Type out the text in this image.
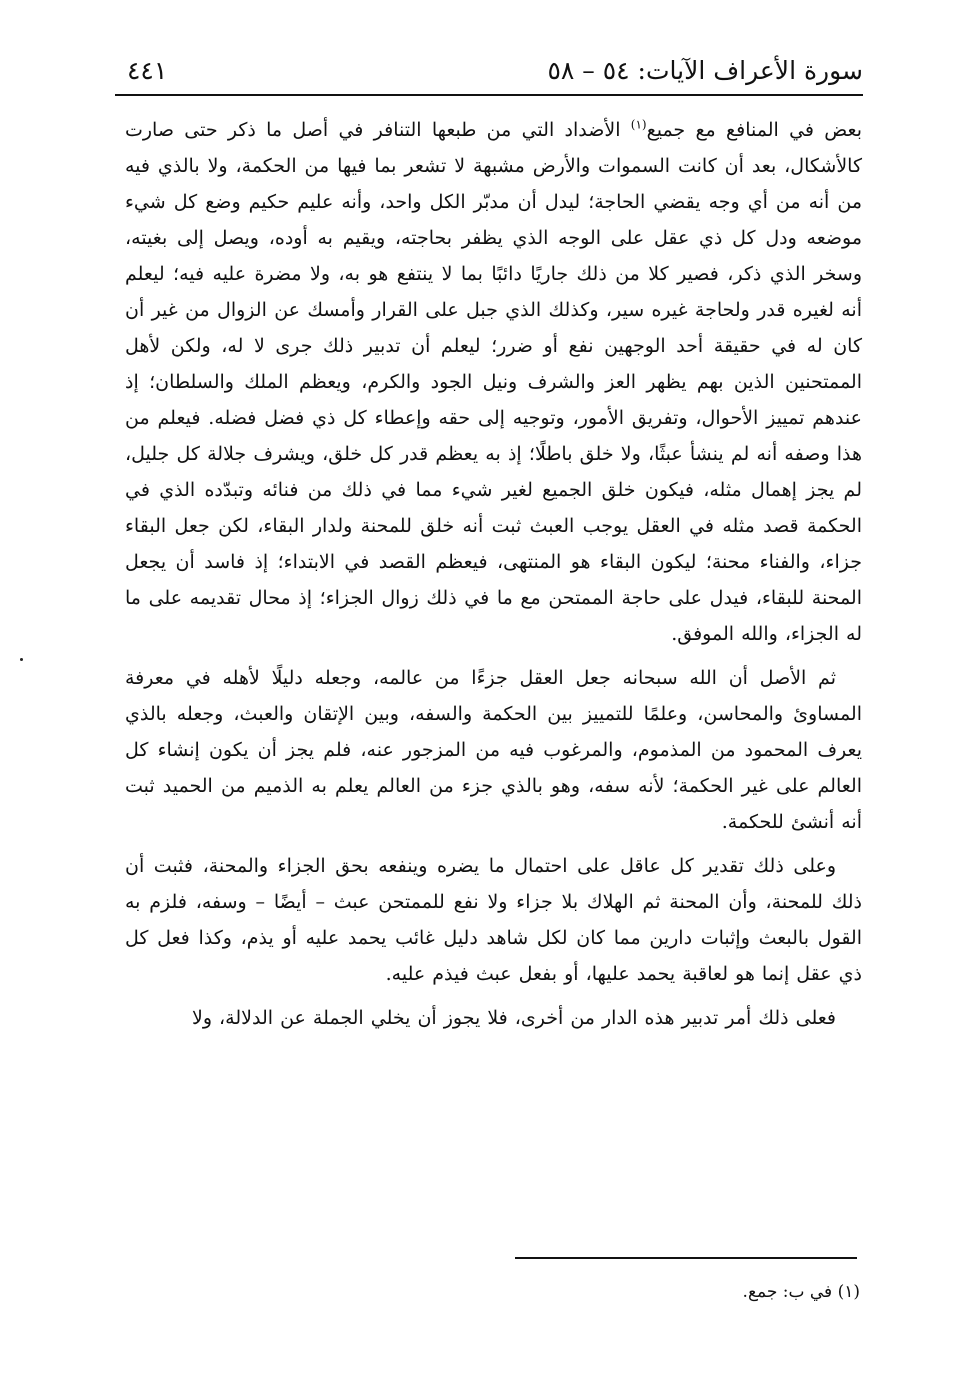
سورة الأعراف الآيات: ٥٤ – ٥٨
٤٤١

بعض في المنافع مع جميع$^{(١)}$ الأضداد التي من طبعها التنافر في أصل ما ذكر حتى صارت كالأشكال، بعد أن كانت السموات والأرض مشبهة لا تشعر بما فيها من الحكمة، ولا بالذي فيه من أنه من أي وجه يقضي الحاجة؛ ليدل أن مدبّر الكل واحد، وأنه عليم حكيم وضع كل شيء موضعه ودل كل ذي عقل على الوجه الذي يظفر بحاجته، ويقيم به أوده، ويصل إلى بغيته، وسخر الذي ذكر، فصير كلا من ذلك جاريًا دائبًا بما لا ينتفع هو به، ولا مضرة عليه فيه؛ ليعلم أنه لغيره قدر ولحاجة غيره سير، وكذلك الذي جبل على القرار وأمسك عن الزوال من غير أن كان له في حقيقة أحد الوجهين نفع أو ضرر؛ ليعلم أن تدبير ذلك جرى لا له، ولكن لأهل الممتحنين الذين بهم يظهر العز والشرف ونيل الجود والكرم، ويعظم الملك والسلطان؛ إذ عندهم تمييز الأحوال، وتفريق الأمور، وتوجيه إلى حقه وإعطاء كل ذي فضل فضله. فيعلم من هذا وصفه أنه لم ينشأ عبثًا، ولا خلق باطلًا؛ إذ به يعظم قدر كل خلق، ويشرف جلالة كل جليل، لم يجز إهمال مثله، فيكون خلق الجميع لغير شيء مما في ذلك من فنائه وتبدّده الذي في الحكمة قصد مثله في العقل يوجب العبث ثبت أنه خلق للمحنة ولدار البقاء، لكن جعل البقاء جزاء، والفناء محنة؛ ليكون البقاء هو المنتهى، فيعظم القصد في الابتداء؛ إذ فاسد أن يجعل المحنة للبقاء، فيدل على حاجة الممتحن مع ما في ذلك زوال الجزاء؛ إذ محال تقديمه على ما له الجزاء، والله الموفق.

ثم الأصل أن الله سبحانه جعل العقل جزءًا من عالمه، وجعله دليلًا لأهله في معرفة المساوئ والمحاسن، وعلمًا للتمييز بين الحكمة والسفه، وبين الإتقان والعبث، وجعله بالذي يعرف المحمود من المذموم، والمرغوب فيه من المزجور عنه، فلم يجز أن يكون إنشاء كل العالم على غير الحكمة؛ لأنه سفه، وهو بالذي جزء من العالم يعلم به الذميم من الحميد ثبت أنه أنشئ للحكمة.

وعلى ذلك تقدير كل عاقل على احتمال ما يضره وينفعه بحق الجزاء والمحنة، فثبت أن ذلك للمحنة، وأن المحنة ثم الهلاك بلا جزاء ولا نفع للممتحن عبث – أيضًا – وسفه، فلزم به القول بالبعث وإثبات دارين مما كان لكل شاهد دليل غائب يحمد عليه أو يذم، وكذا فعل كل ذي عقل إنما هو لعاقبة يحمد عليها، أو بفعل عبث فيذم عليه.

فعلى ذلك أمر تدبير هذه الدار من أخرى، فلا يجوز أن يخلي الجملة عن الدلالة، ولا

(١) في ب: جمع.
